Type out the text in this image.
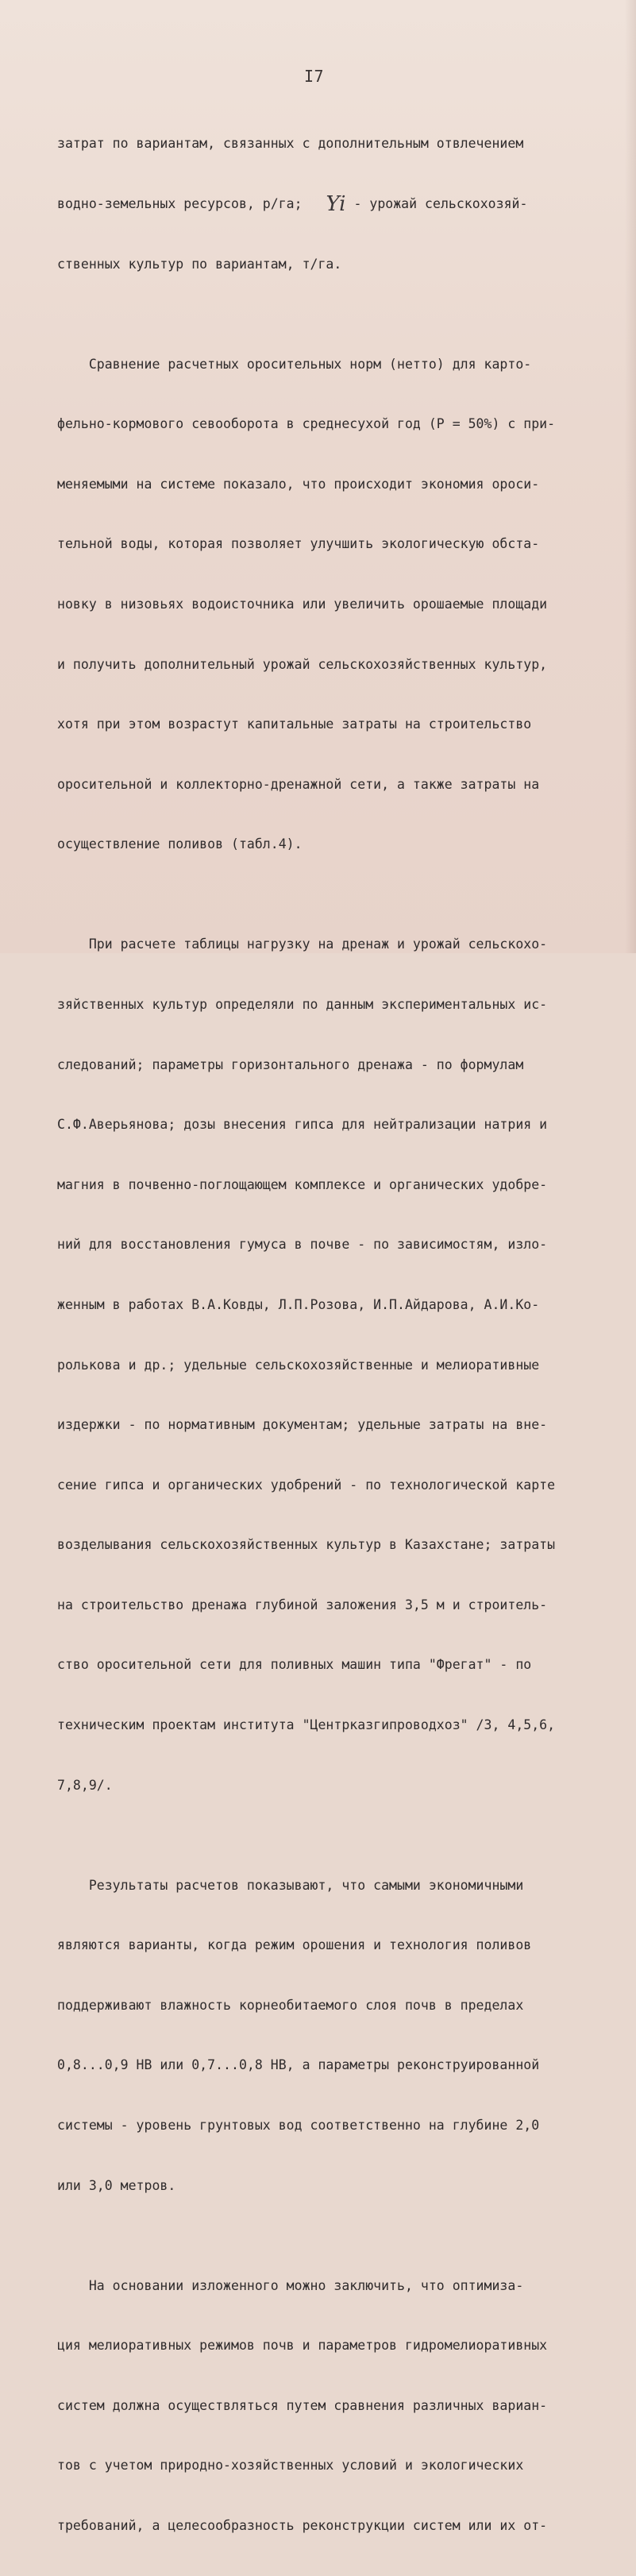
I7

затрат по вариантам, связанных с дополнительным отвлечением

водно-земельных ресурсов, р/га;   Yi - урожай сельскохозяй-

ственных культур по вариантам, т/га.

Сравнение расчетных оросительных норм (нетто) для карто-

фельно-кормового севооборота в среднесухой год (P = 50%) с при-

меняемыми на системе показало, что происходит экономия ороси-

тельной воды, которая позволяет улучшить экологическую обста-

новку в низовьях водоисточника или увеличить орошаемые площади

и получить дополнительный урожай сельскохозяйственных культур,

хотя при этом возрастут капитальные затраты на строительство

оросительной и коллекторно-дренажной сети, а также затраты на

осуществление поливов (табл.4).

При расчете таблицы нагрузку на дренаж и урожай сельскохо-

зяйственных культур определяли по данным экспериментальных ис-

следований; параметры горизонтального дренажа - по формулам

С.Ф.Аверьянова; дозы внесения гипса для нейтрализации натрия и

магния в почвенно-поглощающем комплексе и органических удобре-

ний для восстановления гумуса в почве - по зависимостям, изло-

женным в работах В.А.Ковды, Л.П.Розова, И.П.Айдарова, А.И.Ко-

ролькова и др.; удельные сельскохозяйственные и мелиоративные

издержки - по нормативным документам; удельные затраты на вне-

сение гипса и органических удобрений - по технологической карте

возделывания сельскохозяйственных культур в Казахстане; затраты

на строительство дренажа глубиной заложения 3,5 м и строитель-

ство оросительной сети для поливных машин типа "Фрегат" - по

техническим проектам института "Центрказгипроводхоз" /3, 4,5,6,

7,8,9/.

Результаты расчетов показывают, что самыми экономичными

являются варианты, когда режим орошения и технология поливов

поддерживают влажность корнеобитаемого слоя почв в пределах

0,8...0,9 НВ или 0,7...0,8 НВ, а параметры реконструированной

системы - уровень грунтовых вод соответственно на глубине 2,0

или 3,0 метров.

На основании изложенного можно заключить, что оптимиза-

ция мелиоративных режимов почв и параметров гидромелиоративных

систем должна осуществляться путем сравнения различных вариан-

тов с учетом природно-хозяйственных условий и экологических

требований, а целесообразность реконструкции систем или их от-
